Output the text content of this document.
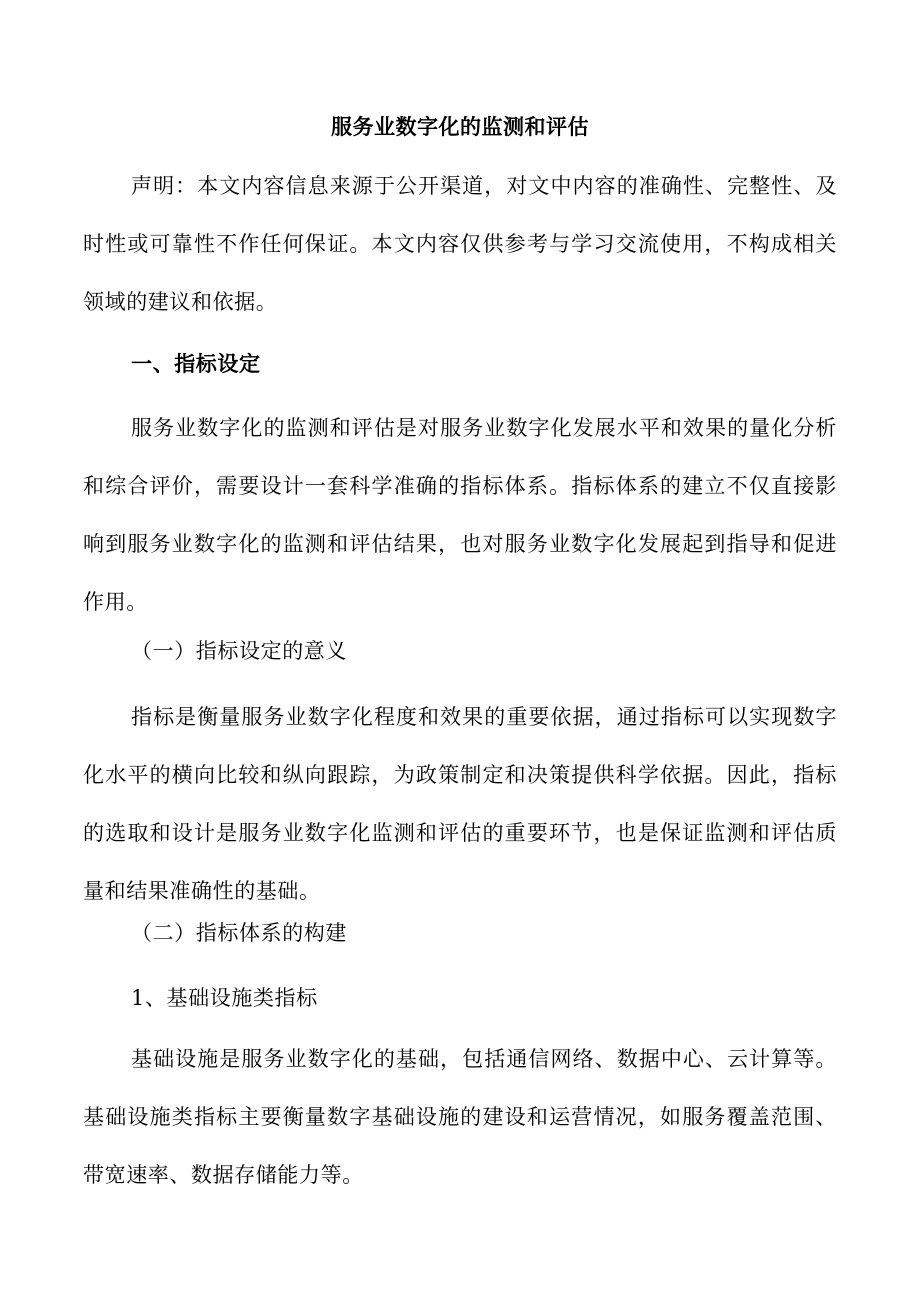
服务业数字化的监测和评估
声明：本文内容信息来源于公开渠道，对文中内容的准确性、完整性、及时性或可靠性不作任何保证。本文内容仅供参考与学习交流使用，不构成相关领域的建议和依据。
一、指标设定
服务业数字化的监测和评估是对服务业数字化发展水平和效果的量化分析和综合评价，需要设计一套科学准确的指标体系。指标体系的建立不仅直接影响到服务业数字化的监测和评估结果，也对服务业数字化发展起到指导和促进作用。
（一）指标设定的意义
指标是衡量服务业数字化程度和效果的重要依据，通过指标可以实现数字化水平的横向比较和纵向跟踪，为政策制定和决策提供科学依据。因此，指标的选取和设计是服务业数字化监测和评估的重要环节，也是保证监测和评估质量和结果准确性的基础。
（二）指标体系的构建
1、基础设施类指标
基础设施是服务业数字化的基础，包括通信网络、数据中心、云计算等。基础设施类指标主要衡量数字基础设施的建设和运营情况，如服务覆盖范围、带宽速率、数据存储能力等。
